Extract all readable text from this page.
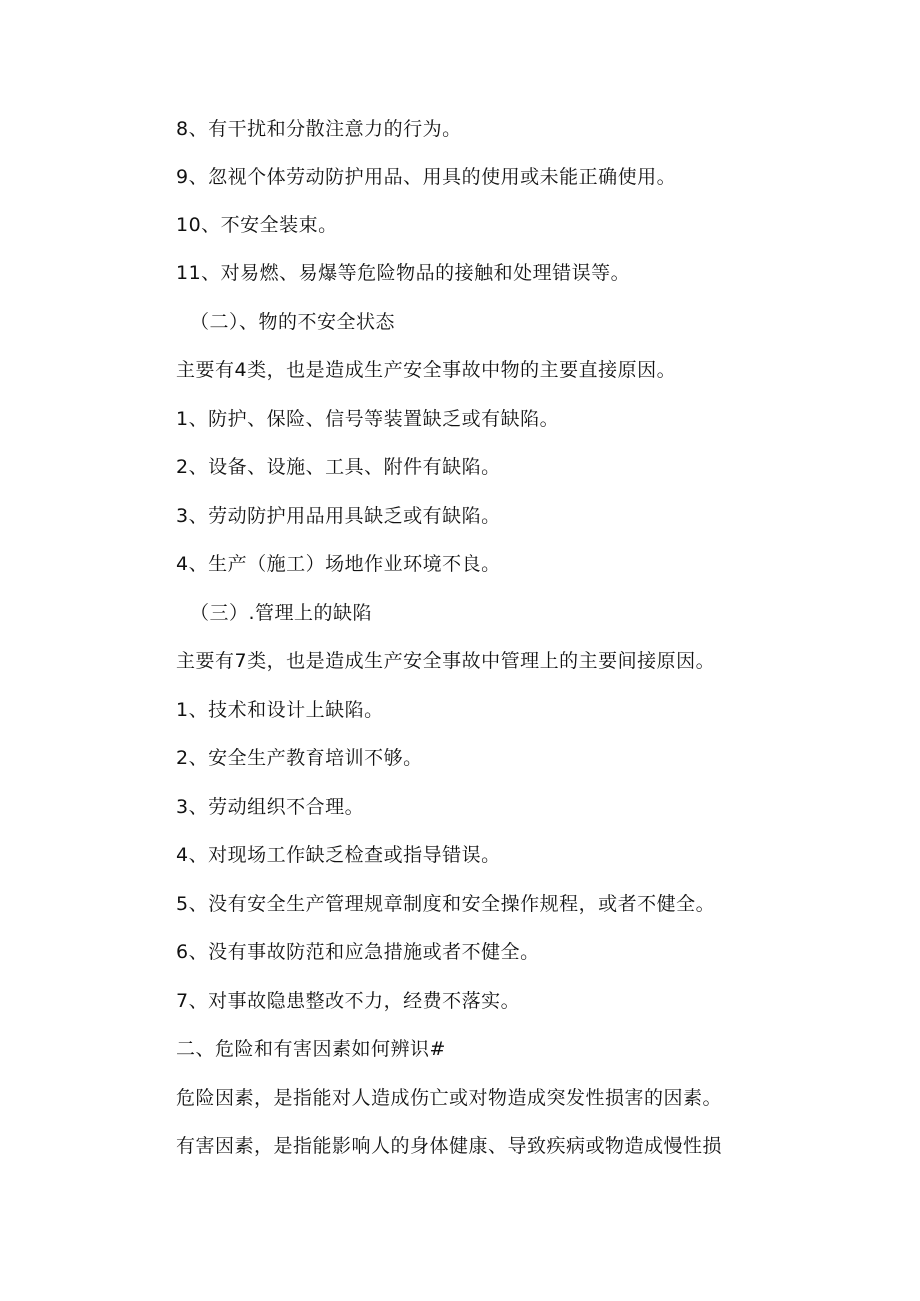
8、有干扰和分散注意力的行为。
9、忽视个体劳动防护用品、用具的使用或未能正确使用。
10、不安全装束。
11、对易燃、易爆等危险物品的接触和处理错误等。
（二）、物的不安全状态
主要有4类，也是造成生产安全事故中物的主要直接原因。
1、防护、保险、信号等装置缺乏或有缺陷。
2、设备、设施、工具、附件有缺陷。
3、劳动防护用品用具缺乏或有缺陷。
4、生产（施工）场地作业环境不良。
（三）.管理上的缺陷
主要有7类，也是造成生产安全事故中管理上的主要间接原因。
1、技术和设计上缺陷。
2、安全生产教育培训不够。
3、劳动组织不合理。
4、对现场工作缺乏检查或指导错误。
5、没有安全生产管理规章制度和安全操作规程，或者不健全。
6、没有事故防范和应急措施或者不健全。
7、对事故隐患整改不力，经费不落实。
二、危险和有害因素如何辨识#
危险因素，是指能对人造成伤亡或对物造成突发性损害的因素。
有害因素，是指能影响人的身体健康、导致疾病或物造成慢性损
